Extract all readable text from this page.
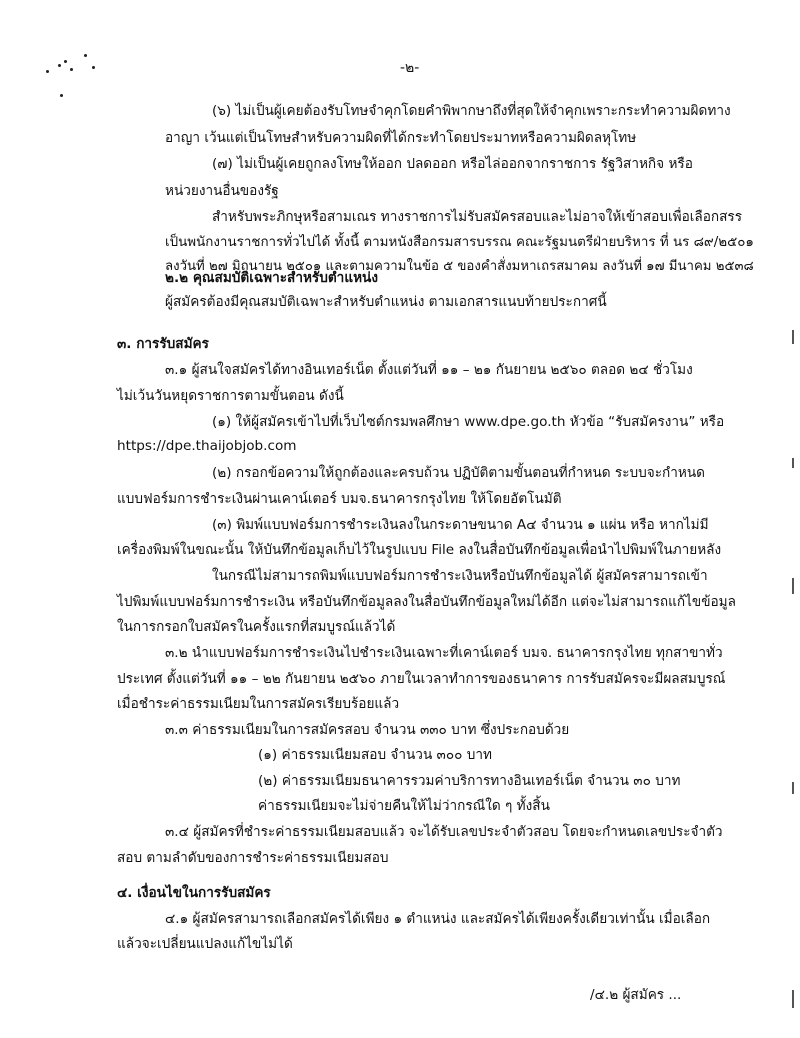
-๒-
(๖) ไม่เป็นผู้เคยต้องรับโทษจำคุกโดยคำพิพากษาถึงที่สุดให้จำคุกเพราะกระทำความผิดทาง
อาญา เว้นแต่เป็นโทษสำหรับความผิดที่ได้กระทำโดยประมาทหรือความผิดลหุโทษ
(๗) ไม่เป็นผู้เคยถูกลงโทษให้ออก ปลดออก หรือไล่ออกจากราชการ รัฐวิสาหกิจ หรือ
หน่วยงานอื่นของรัฐ
สำหรับพระภิกษุหรือสามเณร ทางราชการไม่รับสมัครสอบและไม่อาจให้เข้าสอบเพื่อเลือกสรร
เป็นพนักงานราชการทั่วไปได้ ทั้งนี้ ตามหนังสือกรมสารบรรณ คณะรัฐมนตรีฝ่ายบริหาร ที่ นร ๘๙/๒๕๐๑
ลงวันที่ ๒๗ มิถุนายน ๒๕๐๑ และตามความในข้อ ๕ ของคำสั่งมหาเถรสมาคม ลงวันที่ ๑๗ มีนาคม ๒๕๓๘
๒.๒ คุณสมบัติเฉพาะสำหรับตำแหน่ง
ผู้สมัครต้องมีคุณสมบัติเฉพาะสำหรับตำแหน่ง ตามเอกสารแนบท้ายประกาศนี้
๓. การรับสมัคร
๓.๑ ผู้สนใจสมัครได้ทางอินเทอร์เน็ต ตั้งแต่วันที่ ๑๑ – ๒๑ กันยายน ๒๕๖๐ ตลอด ๒๔ ชั่วโมง
ไม่เว้นวันหยุดราชการตามขั้นตอน ดังนี้
(๑) ให้ผู้สมัครเข้าไปที่เว็บไซต์กรมพลศึกษา www.dpe.go.th หัวข้อ “รับสมัครงาน” หรือ
https://dpe.thaijobjob.com
(๒) กรอกข้อความให้ถูกต้องและครบถ้วน ปฏิบัติตามขั้นตอนที่กำหนด ระบบจะกำหนด
แบบฟอร์มการชำระเงินผ่านเคาน์เตอร์ บมจ.ธนาคารกรุงไทย ให้โดยอัตโนมัติ
(๓) พิมพ์แบบฟอร์มการชำระเงินลงในกระดาษขนาด A๔ จำนวน ๑ แผ่น หรือ หากไม่มี
เครื่องพิมพ์ในขณะนั้น ให้บันทึกข้อมูลเก็บไว้ในรูปแบบ File ลงในสื่อบันทึกข้อมูลเพื่อนำไปพิมพ์ในภายหลัง
ในกรณีไม่สามารถพิมพ์แบบฟอร์มการชำระเงินหรือบันทึกข้อมูลได้ ผู้สมัครสามารถเข้า
ไปพิมพ์แบบฟอร์มการชำระเงิน หรือบันทึกข้อมูลลงในสื่อบันทึกข้อมูลใหม่ได้อีก แต่จะไม่สามารถแก้ไขข้อมูล
ในการกรอกใบสมัครในครั้งแรกที่สมบูรณ์แล้วได้
๓.๒ นำแบบฟอร์มการชำระเงินไปชำระเงินเฉพาะที่เคาน์เตอร์ บมจ. ธนาคารกรุงไทย ทุกสาขาทั่ว
ประเทศ ตั้งแต่วันที่ ๑๑ – ๒๒ กันยายน ๒๕๖๐ ภายในเวลาทำการของธนาคาร การรับสมัครจะมีผลสมบูรณ์
เมื่อชำระค่าธรรมเนียมในการสมัครเรียบร้อยแล้ว
๓.๓ ค่าธรรมเนียมในการสมัครสอบ จำนวน ๓๓๐ บาท ซึ่งประกอบด้วย
(๑) ค่าธรรมเนียมสอบ จำนวน ๓๐๐ บาท
(๒) ค่าธรรมเนียมธนาคารรวมค่าบริการทางอินเทอร์เน็ต จำนวน ๓๐ บาท
ค่าธรรมเนียมจะไม่จ่ายคืนให้ไม่ว่ากรณีใด ๆ ทั้งสิ้น
๓.๔ ผู้สมัครที่ชำระค่าธรรมเนียมสอบแล้ว จะได้รับเลขประจำตัวสอบ โดยจะกำหนดเลขประจำตัว
สอบ ตามลำดับของการชำระค่าธรรมเนียมสอบ
๔. เงื่อนไขในการรับสมัคร
๔.๑ ผู้สมัครสามารถเลือกสมัครได้เพียง ๑ ตำแหน่ง และสมัครได้เพียงครั้งเดียวเท่านั้น เมื่อเลือก
แล้วจะเปลี่ยนแปลงแก้ไขไม่ได้
/๔.๒ ผู้สมัคร ...
